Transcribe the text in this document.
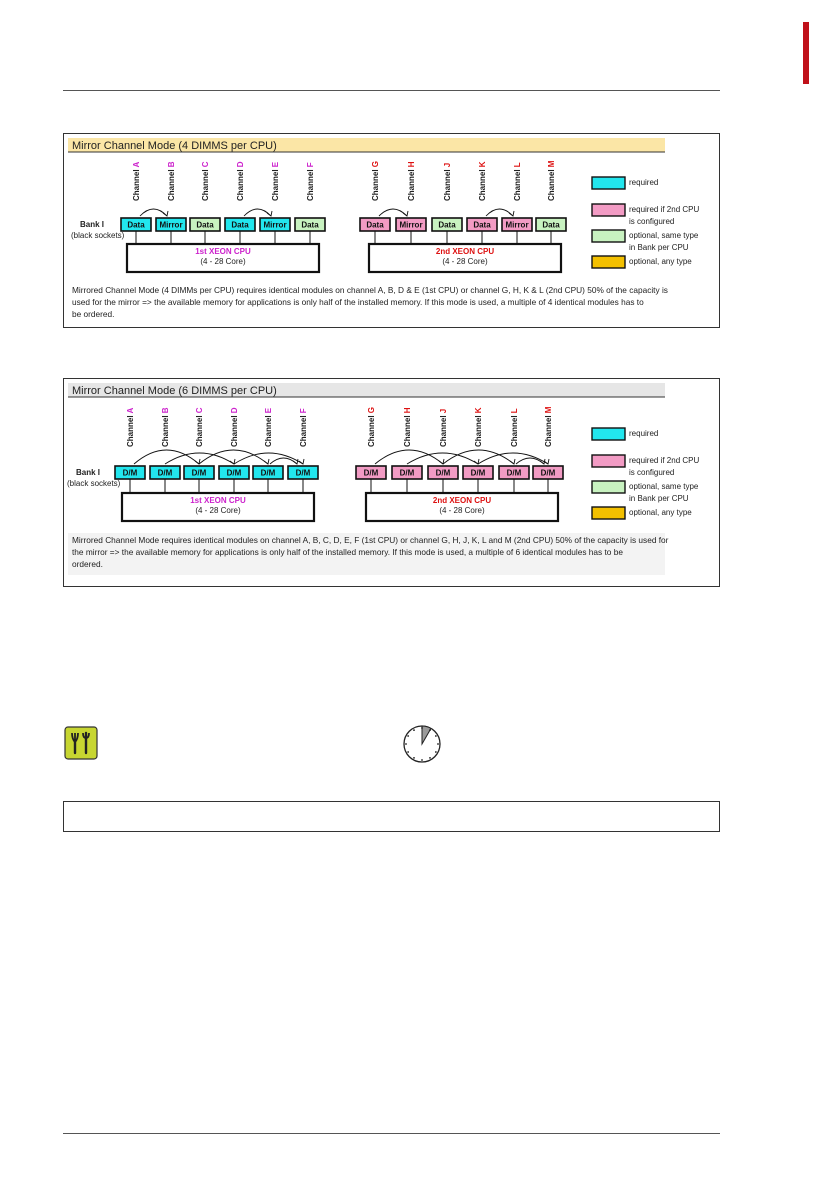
Mirror Channel Mode (4 DIMMS per CPU)
Channel A
Data
Channel B
Mirror
Channel C
Data
Channel D
Data
Channel E
Mirror
Channel F
Data
1st XEON CPU
(4 - 28 Core)
Channel G
Data
Channel H
Mirror
Channel J
Data
Channel K
Data
Channel L
Mirror
Channel M
Data
2nd XEON CPU
(4 - 28 Core)
Bank I
(black sockets)
required
required if 2nd CPU
is configured
optional, same type
in Bank per CPU
optional, any type
Mirrored Channel Mode (4 DIMMs per CPU) requires identical modules on channel A, B, D & E (1st CPU) or channel G, H, K & L (2nd CPU) 50% of the capacity is
used for the mirror => the available memory for applications is only half of the installed memory. If this mode is used, a multiple of 4 identical modules has to
be ordered.
Mirror Channel Mode (6 DIMMS per CPU)
Channel A
D/M
Channel B
D/M
Channel C
D/M
Channel D
D/M
Channel E
D/M
Channel F
D/M
1st XEON CPU
(4 - 28 Core)
Channel G
D/M
Channel H
D/M
Channel J
D/M
Channel K
D/M
Channel L
D/M
Channel M
D/M
2nd XEON CPU
(4 - 28 Core)
Bank I
(black sockets)
required
required if 2nd CPU
is configured
optional, same type
in Bank per CPU
optional, any type
Mirrored Channel Mode requires identical modules on channel A, B, C, D, E, F (1st CPU) or channel G, H, J, K, L and M (2nd CPU) 50% of the capacity is used for
the mirror => the available memory for applications is only half of the installed memory. If this mode is used, a multiple of 6 identical modules has to be
ordered.
